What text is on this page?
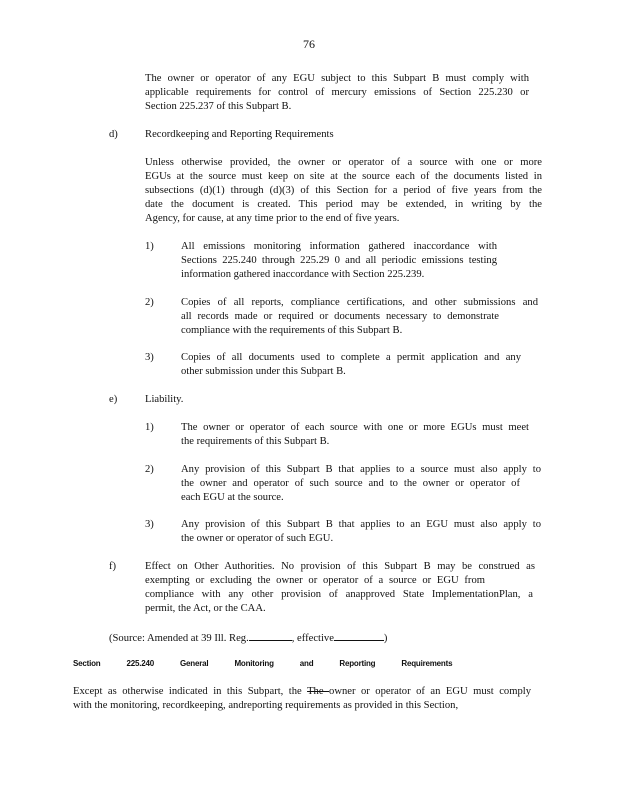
76
The owner or operator of any EGU subject to this Subpart B must comply with
applicable requirements for control of mercury emissions of Section 225.230 or
Section 225.237 of this Subpart B.
d)	Recordkeeping and Reporting Requirements
Unless otherwise provided, the owner or operator of a source with one or more
EGUs at the source must keep on site at the source each of the documents listed in
subsections (d)(1) through (d)(3) of this Section for a period of five years from the
date the document is created. This period may be extended, in writing by the
Agency, for cause, at any time prior to the end of five years.
1)	All emissions monitoring information gathered inaccordance with
Sections 225.240 through 225.29 0 and all periodic emissions testing
information gathered inaccordance with Section 225.239.
2)	Copies of all reports, compliance certifications, and other submissions and
all records made or required or documents necessary to demonstrate
compliance with the requirements of this Subpart B.
3)	Copies of all documents used to complete a permit application and any
other submission under this Subpart B.
e)	Liability.
1)	The owner or operator of each source with one or more EGUs must meet
the requirements of this Subpart B.
2)	Any provision of this Subpart B that applies to a source must also apply to
the owner and operator of such source and to the owner or operator of
each EGU at the source.
3)	Any provision of this Subpart B that applies to an EGU must also apply to
the owner or operator of such EGU.
f)	Effect on Other Authorities. No provision of this Subpart B may be construed as
exempting or excluding the owner or operator of a source or EGU from
compliance with any other provision of anapproved State ImplementationPlan, a
permit, the Act, or the CAA.
(Source: Amended at 39 Ill. Reg.	, effective	)
Section	225.240	General	Monitoring	and	Reporting	Requirements
Except as otherwise indicated in this Subpart, the The owner or operator of an EGU must comply
with the monitoring, recordkeeping, andreporting requirements as provided in this Section,
